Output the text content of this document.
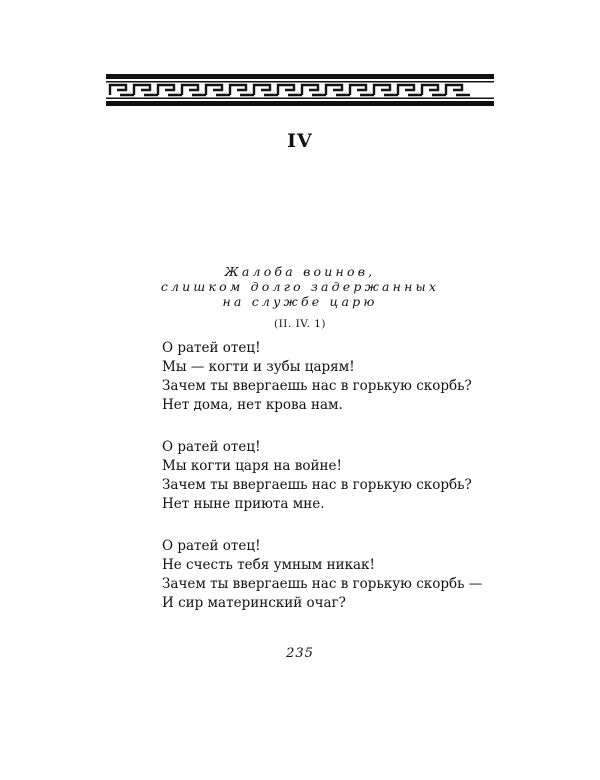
IV
Жалоба воинов,
слишком долго задержанных
на службе царю
(II. IV. 1)
О ратей отец!
Мы — когти и зубы царям!
Зачем ты ввергаешь нас в горькую скорбь?
Нет дома, нет крова нам.
О ратей отец!
Мы когти царя на войне!
Зачем ты ввергаешь нас в горькую скорбь?
Нет ныне приюта мне.
О ратей отец!
Не счесть тебя умным никак!
Зачем ты ввергаешь нас в горькую скорбь —
И сир материнский очаг?
235
